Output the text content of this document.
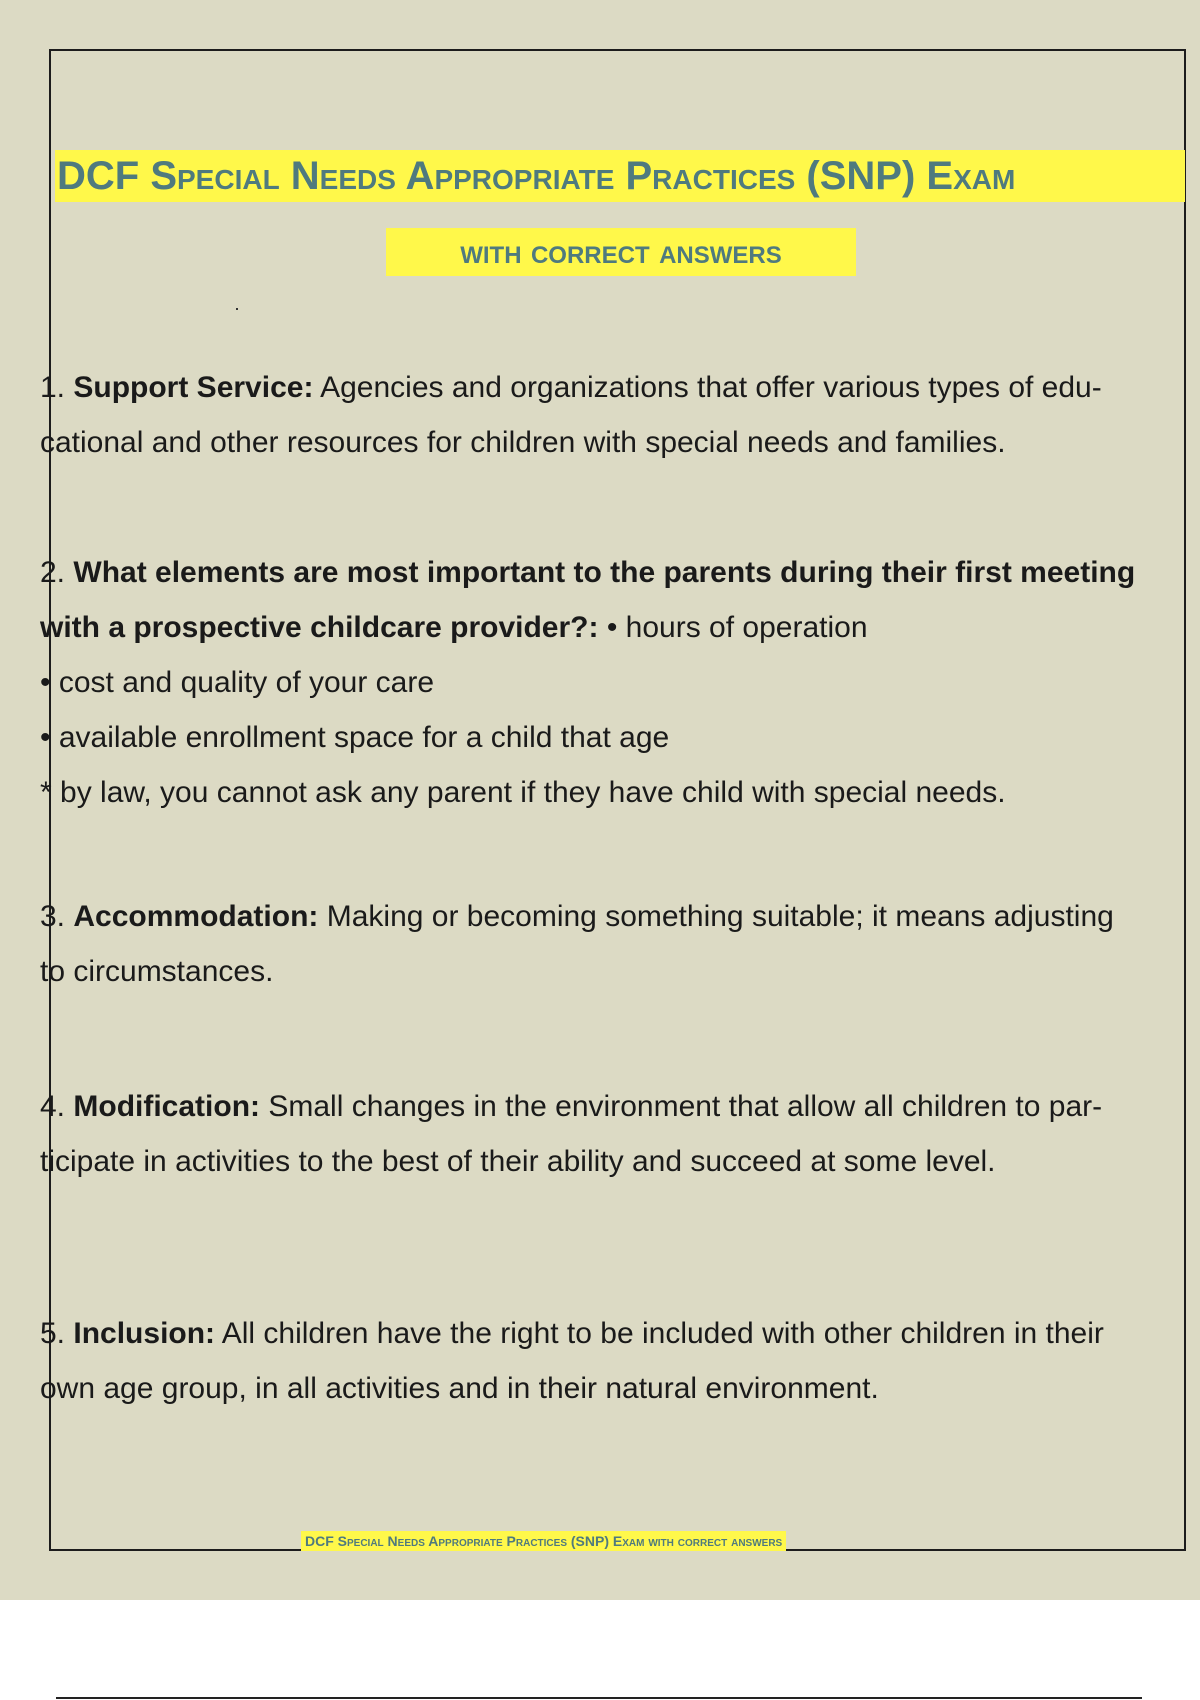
DCF Special Needs Appropriate Practices (SNP) Exam
with correct answers
1. Support Service: Agencies and organizations that offer various types of edu-
cational and other resources for children with special needs and families.
2. What elements are most important to the parents during their first meeting
with a prospective childcare provider?: • hours of operation
• cost and quality of your care
• available enrollment space for a child that age
* by law, you cannot ask any parent if they have child with special needs.
3. Accommodation: Making or becoming something suitable; it means adjusting
to circumstances.
4. Modification: Small changes in the environment that allow all children to par-
ticipate in activities to the best of their ability and succeed at some level.
5. Inclusion: All children have the right to be included with other children in their
own age group, in all activities and in their natural environment.
DCF Special Needs Appropriate Practices (SNP) Exam with correct answers
